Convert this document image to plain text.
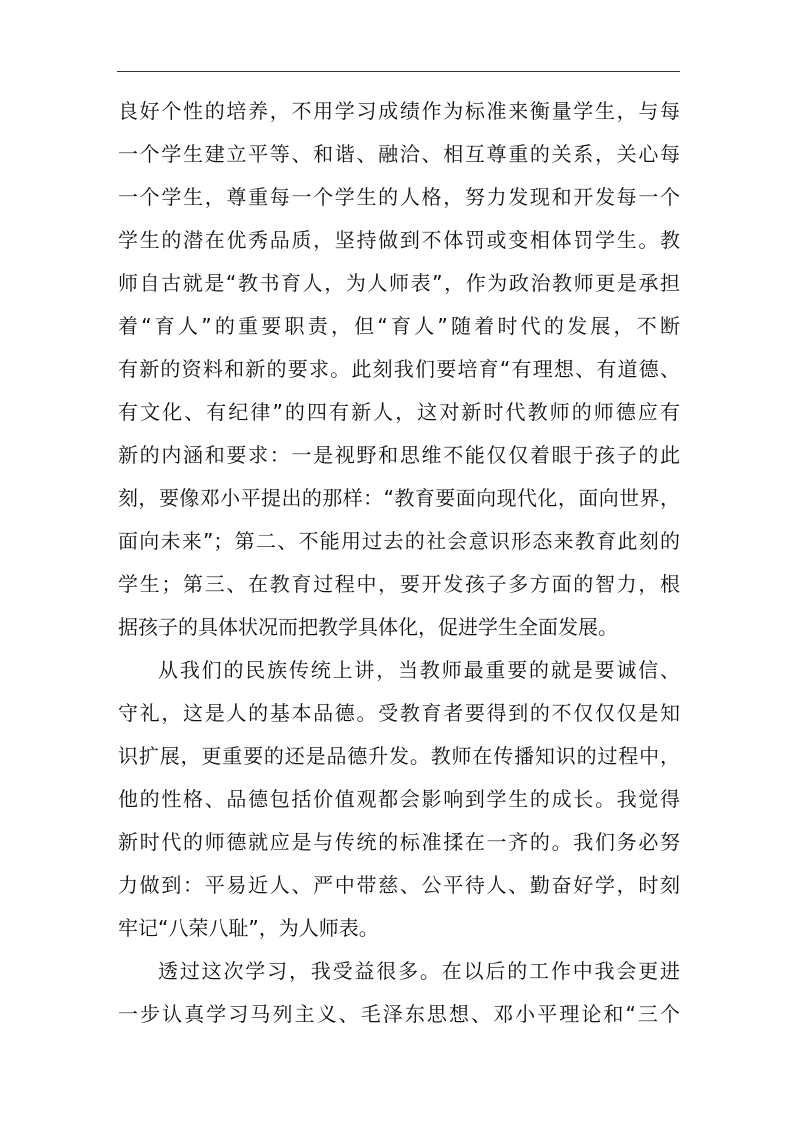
良好个性的培养，不用学习成绩作为标准来衡量学生，与每
一个学生建立平等、和谐、融洽、相互尊重的关系，关心每
一个学生，尊重每一个学生的人格，努力发现和开发每一个
学生的潜在优秀品质，坚持做到不体罚或变相体罚学生。教
师自古就是“教书育人，为人师表”，作为政治教师更是承担
着“育人”的重要职责，但“育人”随着时代的发展，不断
有新的资料和新的要求。此刻我们要培育“有理想、有道德、
有文化、有纪律”的四有新人，这对新时代教师的师德应有
新的内涵和要求：一是视野和思维不能仅仅着眼于孩子的此
刻，要像邓小平提出的那样：“教育要面向现代化，面向世界，
面向未来”；第二、不能用过去的社会意识形态来教育此刻的
学生；第三、在教育过程中，要开发孩子多方面的智力，根
据孩子的具体状况而把教学具体化，促进学生全面发展。
从我们的民族传统上讲，当教师最重要的就是要诚信、
守礼，这是人的基本品德。受教育者要得到的不仅仅仅是知
识扩展，更重要的还是品德升发。教师在传播知识的过程中，
他的性格、品德包括价值观都会影响到学生的成长。我觉得
新时代的师德就应是与传统的标准揉在一齐的。我们务必努
力做到：平易近人、严中带慈、公平待人、勤奋好学，时刻
牢记“八荣八耻”，为人师表。
透过这次学习，我受益很多。在以后的工作中我会更进
一步认真学习马列主义、毛泽东思想、邓小平理论和“三个
